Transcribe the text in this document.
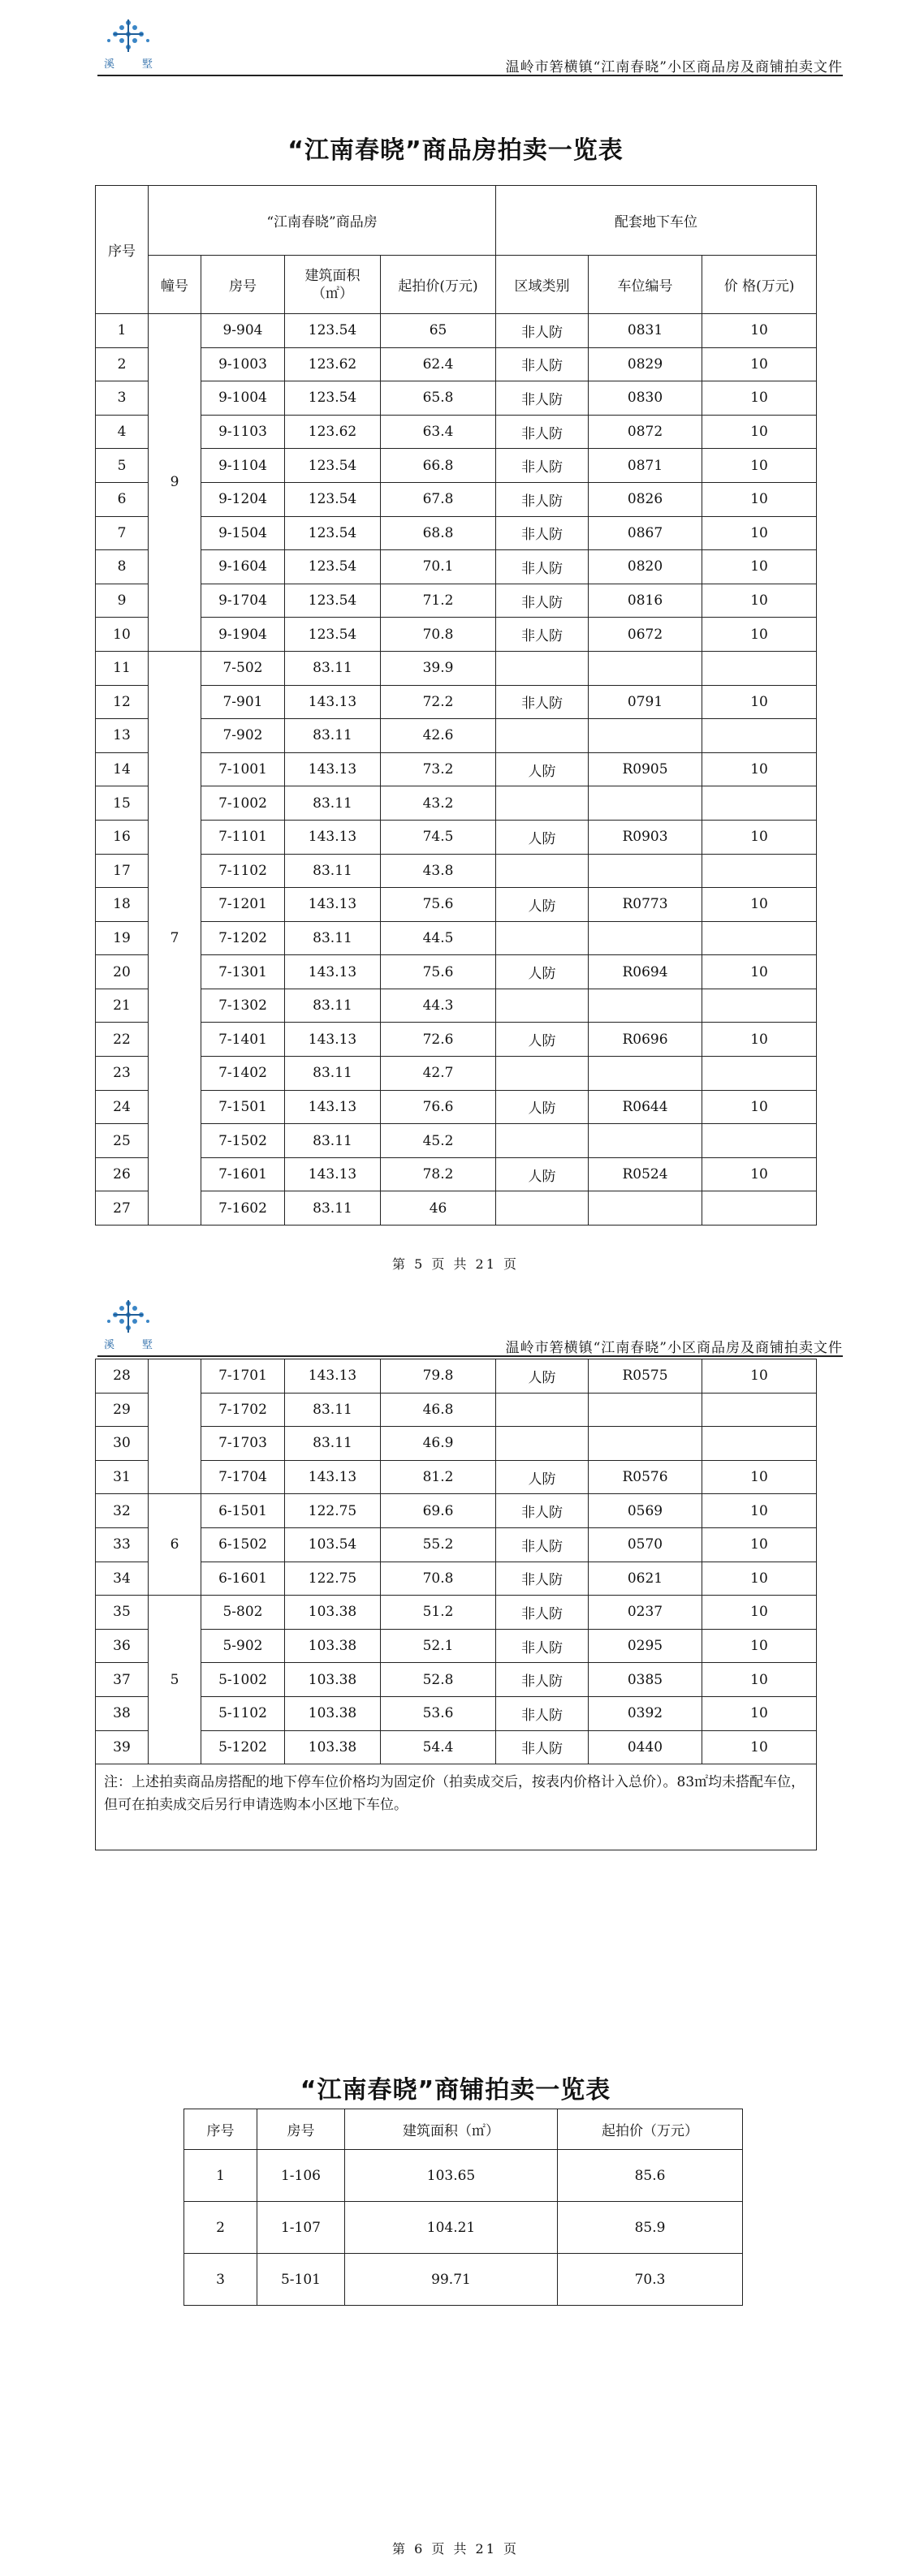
溪	墅	温岭市箬横镇“江南春晓”小区商品房及商铺拍卖文件
“江南春晓”商品房拍卖一览表
序号	“江南春晓”商品房				配套地下车位		
	幢号	房号	建筑面积（㎡）	起拍价(万元)	区域类别	车位编号	价 格(万元)
1	9	9-904	123.54	65	非人防	0831	10
2		9-1003	123.62	62.4	非人防	0829	10
3		9-1004	123.54	65.8	非人防	0830	10
4		9-1103	123.62	63.4	非人防	0872	10
5		9-1104	123.54	66.8	非人防	0871	10
6		9-1204	123.54	67.8	非人防	0826	10
7		9-1504	123.54	68.8	非人防	0867	10
8		9-1604	123.54	70.1	非人防	0820	10
9		9-1704	123.54	71.2	非人防	0816	10
10		9-1904	123.54	70.8	非人防	0672	10
11	7	7-502	83.11	39.9			
12		7-901	143.13	72.2	非人防	0791	10
13		7-902	83.11	42.6			
14		7-1001	143.13	73.2	人防	R0905	10
15		7-1002	83.11	43.2			
16		7-1101	143.13	74.5	人防	R0903	10
17		7-1102	83.11	43.8			
18		7-1201	143.13	75.6	人防	R0773	10
19		7-1202	83.11	44.5			
20		7-1301	143.13	75.6	人防	R0694	10
21		7-1302	83.11	44.3			
22		7-1401	143.13	72.6	人防	R0696	10
23		7-1402	83.11	42.7			
24		7-1501	143.13	76.6	人防	R0644	10
25		7-1502	83.11	45.2			
26		7-1601	143.13	78.2	人防	R0524	10
27		7-1602	83.11	46			
第 5 页 共 21 页
溪	墅	温岭市箬横镇“江南春晓”小区商品房及商铺拍卖文件
28		7-1701	143.13	79.8	人防	R0575	10
29		7-1702	83.11	46.8			
30		7-1703	83.11	46.9			
31		7-1704	143.13	81.2	人防	R0576	10
32	6	6-1501	122.75	69.6	非人防	0569	10
33		6-1502	103.54	55.2	非人防	0570	10
34		6-1601	122.75	70.8	非人防	0621	10
35	5	5-802	103.38	51.2	非人防	0237	10
36		5-902	103.38	52.1	非人防	0295	10
37		5-1002	103.38	52.8	非人防	0385	10
38		5-1102	103.38	53.6	非人防	0392	10
39		5-1202	103.38	54.4	非人防	0440	10
注：上述拍卖商品房搭配的地下停车位价格均为固定价（拍卖成交后，按表内价格计入总价）。83㎡均未搭配车位，但可在拍卖成交后另行申请选购本小区地下车位。							
“江南春晓”商铺拍卖一览表
序号	房号	建筑面积（㎡）	起拍价（万元）
1	1-106	103.65	85.6
2	1-107	104.21	85.9
3	5-101	99.71	70.3
第 6 页 共 21 页
